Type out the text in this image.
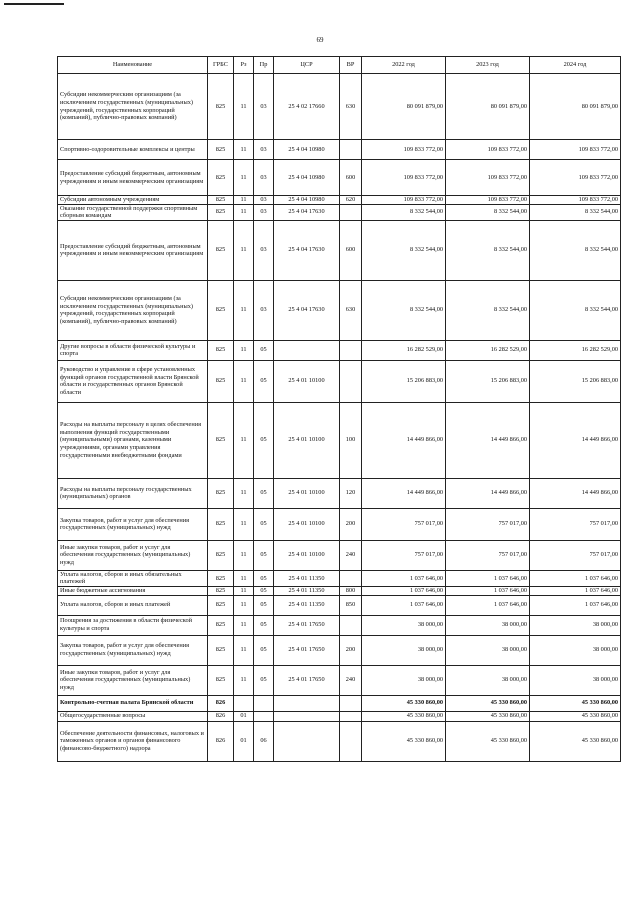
69
Наименование	ГРБС	Рз	Пр	ЦСР	ВР	2022 год	2023 год	2024 год
Субсидии некоммерческим организациям (за исключением государственных (муниципальных) учреждений, государственных корпораций (компаний), публично-правовых компаний)	825	11	03	25 4 02 17660	630	80 091 879,00	80 091 879,00	80 091 879,00
Спортивно-оздоровительные комплексы и центры	825	11	03	25 4 04 10980		109 833 772,00	109 833 772,00	109 833 772,00
Предоставление субсидий бюджетным, автономным учреждениям и иным некоммерческим организациям	825	11	03	25 4 04 10980	600	109 833 772,00	109 833 772,00	109 833 772,00
Субсидии автономным учреждениям	825	11	03	25 4 04 10980	620	109 833 772,00	109 833 772,00	109 833 772,00
Оказание государственной поддержки спортивным сборным командам	825	11	03	25 4 04 17630		8 332 544,00	8 332 544,00	8 332 544,00
Предоставление субсидий бюджетным, автономным учреждениям и иным некоммерческим организациям	825	11	03	25 4 04 17630	600	8 332 544,00	8 332 544,00	8 332 544,00
Субсидии некоммерческим организациям (за исключением государственных (муниципальных) учреждений, государственных корпораций (компаний), публично-правовых компаний)	825	11	03	25 4 04 17630	630	8 332 544,00	8 332 544,00	8 332 544,00
Другие вопросы в области физической культуры и спорта	825	11	05			16 282 529,00	16 282 529,00	16 282 529,00
Руководство и управление в сфере установленных функций органов государственной власти Брянской области и государственных органов Брянской области	825	11	05	25 4 01 10100		15 206 883,00	15 206 883,00	15 206 883,00
Расходы на выплаты персоналу в целях обеспечения выполнения функций государственными (муниципальными) органами, казенными учреждениями, органами управления государственными внебюджетными фондами	825	11	05	25 4 01 10100	100	14 449 866,00	14 449 866,00	14 449 866,00
Расходы на выплаты персоналу государственных (муниципальных) органов	825	11	05	25 4 01 10100	120	14 449 866,00	14 449 866,00	14 449 866,00
Закупка товаров, работ и услуг для обеспечения государственных (муниципальных) нужд	825	11	05	25 4 01 10100	200	757 017,00	757 017,00	757 017,00
Иные закупки товаров, работ и услуг для обеспечения государственных (муниципальных) нужд	825	11	05	25 4 01 10100	240	757 017,00	757 017,00	757 017,00
Уплата налогов, сборов и иных обязательных платежей	825	11	05	25 4 01 11350		1 037 646,00	1 037 646,00	1 037 646,00
Иные бюджетные ассигнования	825	11	05	25 4 01 11350	800	1 037 646,00	1 037 646,00	1 037 646,00
Уплата налогов, сборов и иных платежей	825	11	05	25 4 01 11350	850	1 037 646,00	1 037 646,00	1 037 646,00
Поощрения за достижения в области физической культуры и спорта	825	11	05	25 4 01 17650		38 000,00	38 000,00	38 000,00
Закупка товаров, работ и услуг для обеспечения государственных (муниципальных) нужд	825	11	05	25 4 01 17650	200	38 000,00	38 000,00	38 000,00
Иные закупки товаров, работ и услуг для обеспечения государственных (муниципальных) нужд	825	11	05	25 4 01 17650	240	38 000,00	38 000,00	38 000,00
Контрольно-счетная палата Брянской области	826					45 330 860,00	45 330 860,00	45 330 860,00
Общегосударственные вопросы	826	01				45 330 860,00	45 330 860,00	45 330 860,00
Обеспечение деятельности финансовых, налоговых и таможенных органов и органов финансового (финансово-бюджетного) надзора	826	01	06			45 330 860,00	45 330 860,00	45 330 860,00
